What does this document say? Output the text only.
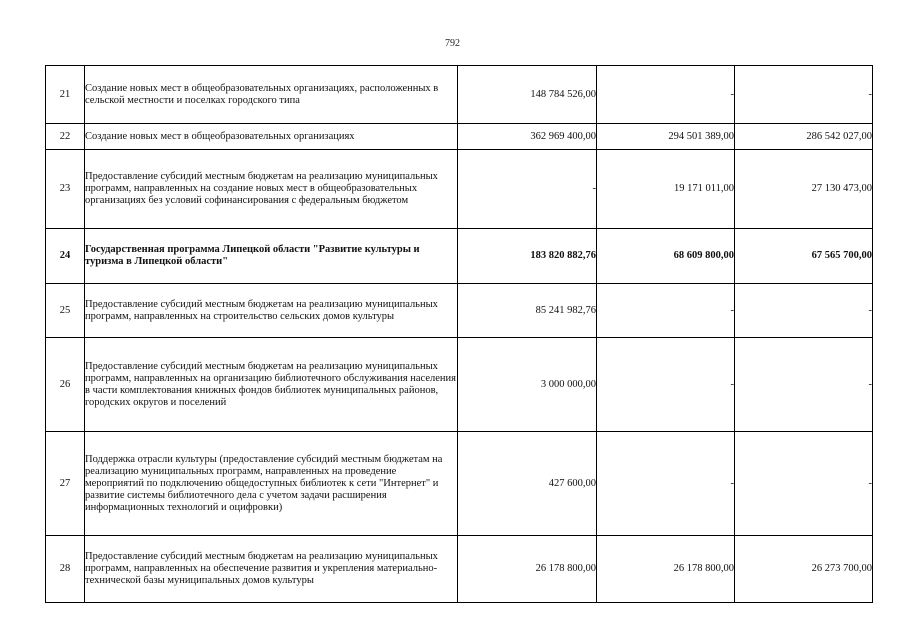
792
21	Создание новых мест в общеобразовательных организациях, расположенных в сельской местности и поселках городского типа	148 784 526,00	-	-
22	Создание новых мест в общеобразовательных организациях	362 969 400,00	294 501 389,00	286 542 027,00
23	Предоставление субсидий местным бюджетам на реализацию муниципальных программ, направленных на создание новых мест в общеобразовательных организациях без условий софинансирования с федеральным бюджетом	-	19 171 011,00	27 130 473,00
24	Государственная программа Липецкой области "Развитие культуры и туризма в Липецкой области"	183 820 882,76	68 609 800,00	67 565 700,00
25	Предоставление субсидий местным бюджетам на реализацию муниципальных программ, направленных на строительство сельских домов культуры	85 241 982,76	-	-
26	Предоставление субсидий местным бюджетам на реализацию муниципальных программ, направленных на организацию библиотечного обслуживания населения в части комплектования книжных фондов библиотек муниципальных районов, городских округов и поселений	3 000 000,00	-	-
27	Поддержка отрасли культуры (предоставление субсидий местным бюджетам на реализацию муниципальных программ, направленных на проведение мероприятий по подключению общедоступных библиотек к сети "Интернет" и развитие системы библиотечного дела с учетом задачи расширения информационных технологий и оцифровки)	427 600,00	-	-
28	Предоставление субсидий местным бюджетам на реализацию муниципальных программ, направленных на обеспечение развития и укрепления материально-технической базы муниципальных домов культуры	26 178 800,00	26 178 800,00	26 273 700,00
